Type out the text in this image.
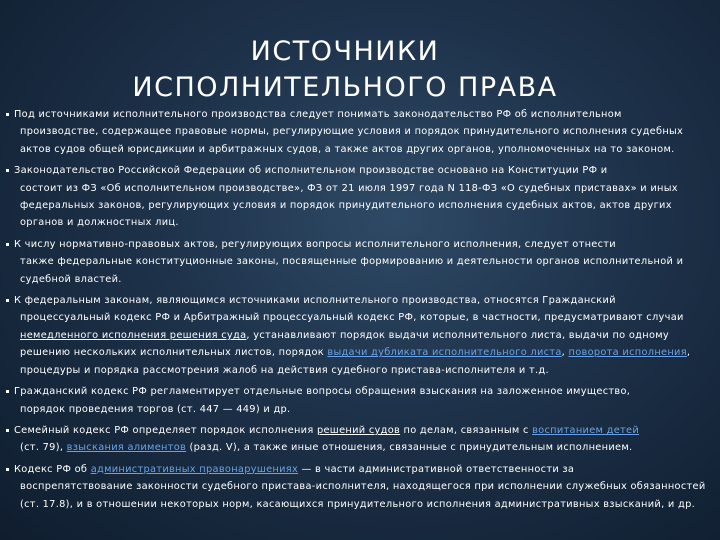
ИСТОЧНИКИ
ИСПОЛНИТЕЛЬНОГО ПРАВА
Под источниками исполнительного производства следует понимать законодательство РФ об исполнительном
производстве, содержащее правовые нормы, регулирующие условия и порядок принудительного исполнения судебных актов судов общей юрисдикции и арбитражных судов, а также актов других органов, уполномоченных на то законом.
Законодательство Российской Федерации об исполнительном производстве основано на Конституции РФ и
состоит из ФЗ «Об исполнительном производстве», ФЗ от 21 июля 1997 года N 118-ФЗ «О судебных приставах» и иных федеральных законов, регулирующих условия и порядок принудительного исполнения судебных актов, актов других органов и должностных лиц.
К числу нормативно-правовых актов, регулирующих вопросы исполнительного исполнения, следует отнести
также федеральные конституционные законы, посвященные формированию и деятельности органов исполнительной и судебной властей.
К федеральным законам, являющимся источниками исполнительного производства, относятся Гражданский
процессуальный кодекс РФ и Арбитражный процессуальный кодекс РФ, которые, в частности, предусматривают случаи немедленного исполнения решения суда, устанавливают порядок выдачи исполнительного листа, выдачи по одному решению нескольких исполнительных листов, порядок выдачи дубликата исполнительного листа, поворота исполнения, процедуры и порядка рассмотрения жалоб на действия судебного пристава-исполнителя и т.д.
Гражданский кодекс РФ регламентирует отдельные вопросы обращения взыскания на заложенное имущество,
порядок проведения торгов (ст. 447 — 449) и др.
Семейный кодекс РФ определяет порядок исполнения решений судов по делам, связанным с воспитанием детей
(ст. 79), взыскания алиментов (разд. V), а также иные отношения, связанные с принудительным исполнением.
Кодекс РФ об административных правонарушениях — в части административной ответственности за
воспрепятствование законности судебного пристава-исполнителя, находящегося при исполнении служебных обязанностей (ст. 17.8), и в отношении некоторых норм, касающихся принудительного исполнения административных взысканий, и др.
